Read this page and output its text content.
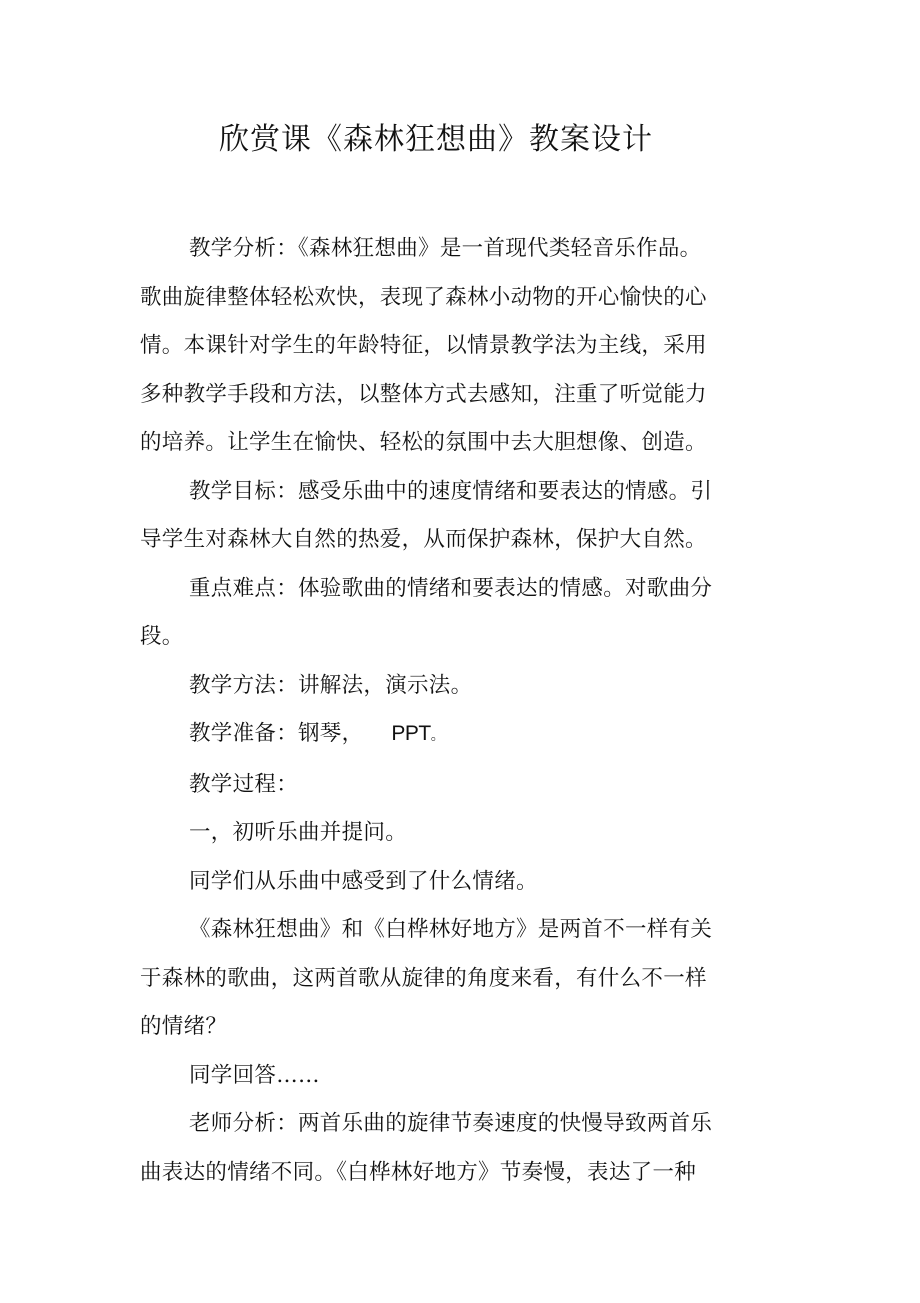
欣赏课《森林狂想曲》教案设计
教学分析：《森林狂想曲》是一首现代类轻音乐作品。
歌曲旋律整体轻松欢快，表现了森林小动物的开心愉快的心
情。本课针对学生的年龄特征，以情景教学法为主线，采用
多种教学手段和方法，以整体方式去感知，注重了听觉能力
的培养。让学生在愉快、轻松的氛围中去大胆想像、创造。
教学目标：感受乐曲中的速度情绪和要表达的情感。引
导学生对森林大自然的热爱，从而保护森林，保护大自然。
重点难点：体验歌曲的情绪和要表达的情感。对歌曲分
段。
教学方法：讲解法，演示法。
教学准备：钢琴， PPT。
教学过程：
一，初听乐曲并提问。
同学们从乐曲中感受到了什么情绪。
《森林狂想曲》和《白桦林好地方》是两首不一样有关
于森林的歌曲，这两首歌从旋律的角度来看，有什么不一样
的情绪？
同学回答……
老师分析：两首乐曲的旋律节奏速度的快慢导致两首乐
曲表达的情绪不同。《白桦林好地方》节奏慢，表达了一种
